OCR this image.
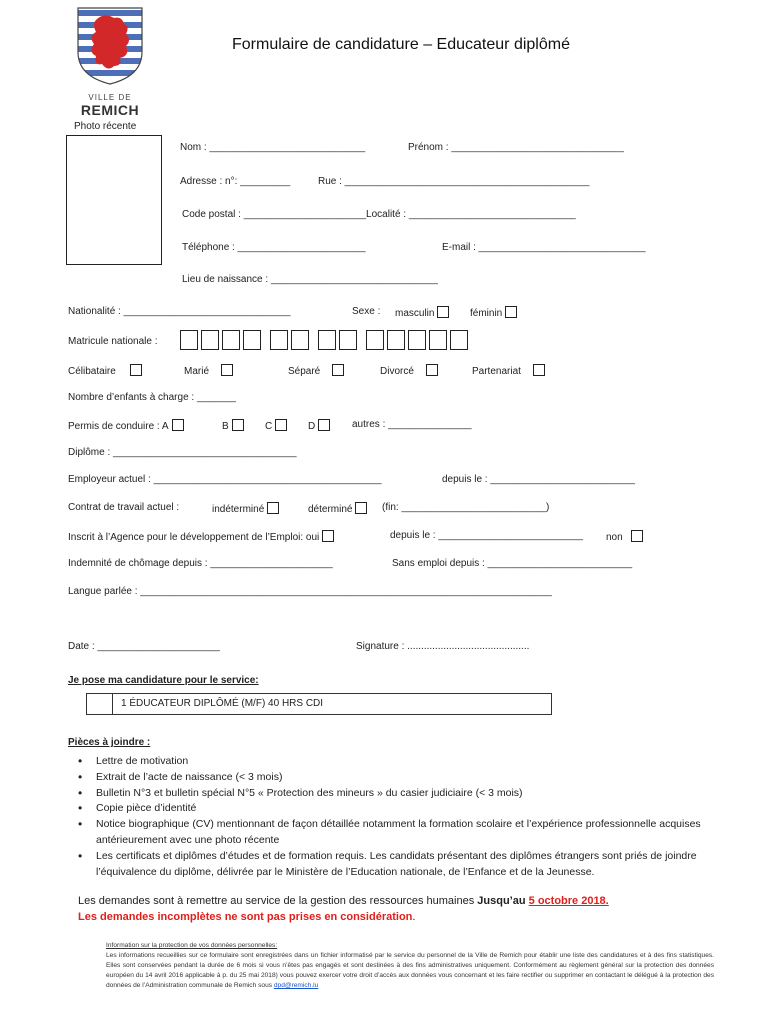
VILLE DE
REMICH
Formulaire de candidature – Educateur diplômé
Photo récente
Nom : ____________________________	Prénom : _______________________________
Adresse : n°: _________	Rue : ____________________________________________
Code postal : ______________________Localité : ______________________________
Téléphone : _______________________	E-mail : ______________________________
Lieu de naissance : ______________________________
Nationalité : ______________________________	Sexe : masculin	féminin
Matricule nationale :
Célibataire	Marié	Séparé	Divorcé	Partenariat
Nombre d’enfants à charge : _______
Permis de conduire : A	B	C	D	autres : _______________
Diplôme : _________________________________
Employeur actuel : _________________________________________	depuis le : __________________________
Contrat de travail actuel :	indéterminé	déterminé	(fin: __________________________)
Inscrit à l’Agence pour le développement de l’Emploi: oui	depuis le : __________________________ non
Indemnité de chômage depuis : ______________________	Sans emploi depuis : __________________________
Langue parlée : __________________________________________________________________________
Date : ______________________	Signature : ............................................
Je pose ma candidature pour le service:
1 ÉDUCATEUR DIPLÔMÉ (M/F) 40 HRS CDI
Pièces à joindre :
• Lettre de motivation
• Extrait de l’acte de naissance (< 3 mois)
• Bulletin N°3 et bulletin spécial N°5 « Protection des mineurs » du casier judiciaire (< 3 mois)
• Copie pièce d’identité
• Notice biographique (CV) mentionnant de façon détaillée notamment la formation scolaire et l’expérience professionnelle acquises antérieurement avec une photo récente
• Les certificats et diplômes d’études et de formation requis. Les candidats présentant des diplômes étrangers sont priés de joindre l’équivalence du diplôme, délivrée par le Ministère de l’Education nationale, de l’Enfance et de la Jeunesse.
Les demandes sont à remettre au service de la gestion des ressources humaines Jusqu’au 5 octobre 2018.
Les demandes incomplètes ne sont pas prises en considération.
Information sur la protection de vos données personnelles:
Les informations recueillies sur ce formulaire sont enregistrées dans un fichier informatisé par le service du personnel de la Ville de Remich pour établir une liste des candidatures et à des fins statistiques. Elles sont conservées pendant la durée de 6 mois si vous n’êtes pas engagés et sont destinées à des fins administratives uniquement. Conformément au règlement général sur la protection des données européen du 14 avril 2016 applicable à p. du 25 mai 2018) vous pouvez exercer votre droit d’accès aux données vous concernant et les faire rectifier ou supprimer en contactant le délégué à la protection des données de l’Administration communale de Remich sous dpd@remich.lu
